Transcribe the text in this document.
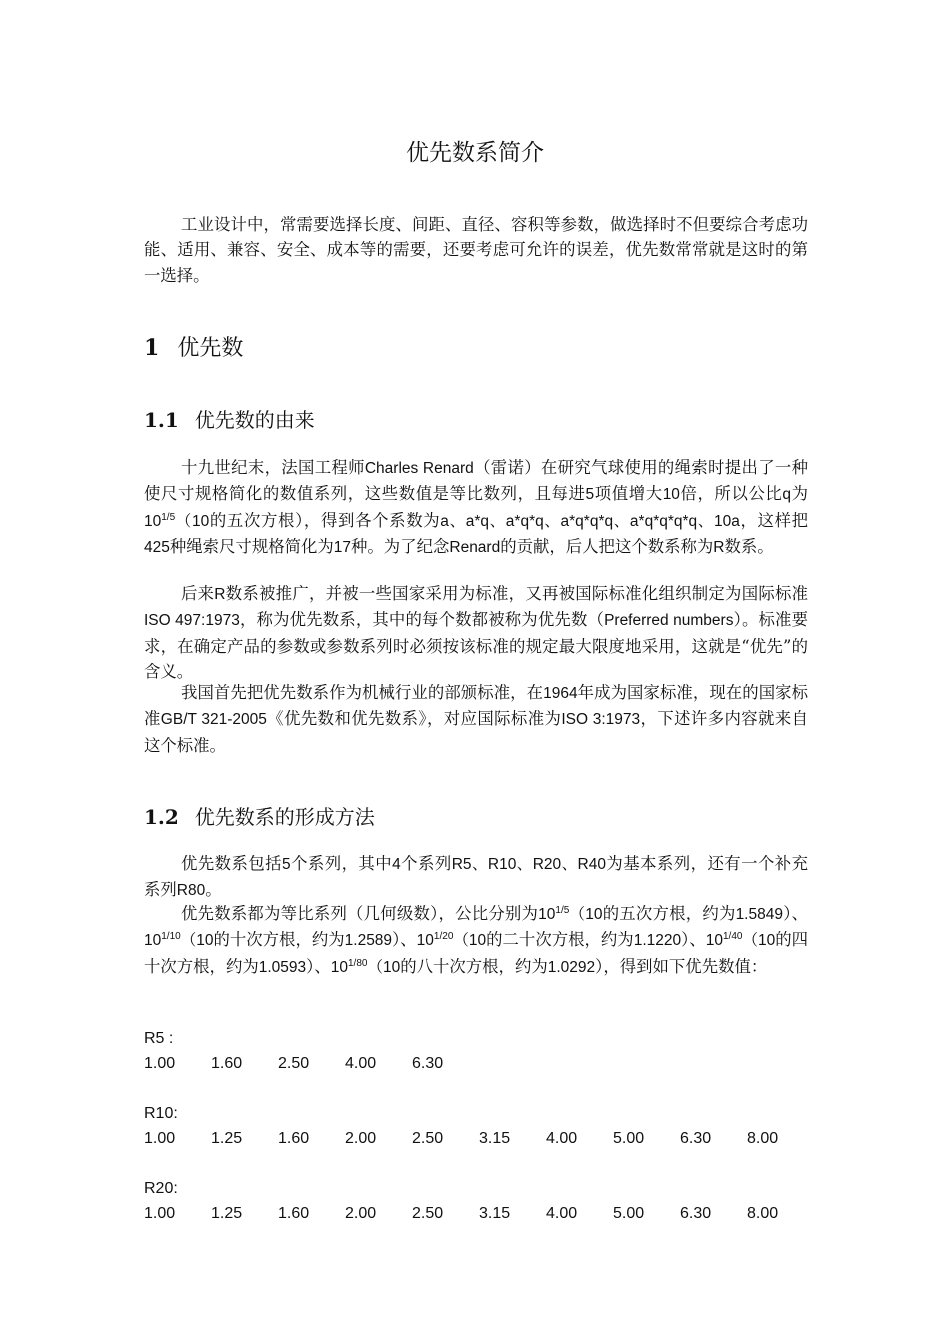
优先数系简介

工业设计中，常需要选择长度、间距、直径、容积等参数，做选择时不但要综合考虑功能、适用、兼容、安全、成本等的需要，还要考虑可允许的误差，优先数常常就是这时的第一选择。

1 优先数
1.1 优先数的由来

十九世纪末，法国工程师Charles Renard（雷诺）在研究气球使用的绳索时提出了一种使尺寸规格简化的数值系列，这些数值是等比数列，且每进5项值增大10倍，所以公比q为$10^{1/5}(10$的五次方根），得到各个系数为a、a*q、a*q*q、a*q*q*q、a*q*q*q*q、10a，这样把425种绳索尺寸规格简化为17种。为了纪念Renard的贡献，后人把这个数系称为R数系。

后来R数系被推广，并被一些国家采用为标准，又再被国际标准化组织制定为国际标准ISO 497:1973，称为优先数系，其中的每个数都被称为优先数（Preferred numbers）。标准要求，在确定产品的参数或参数系列时必须按该标准的规定最大限度地采用，这就是“优先”的含义。

我国首先把优先数系作为机械行业的部颁标准，在1964年成为国家标准，现在的国家标准GB/T 321-2005《优先数和优先数系》，对应国际标准为ISO 3:1973，下述许多内容就来自这个标准。

1.2 优先数系的形成方法

优先数系包括5个系列，其中4个系列R5、R10、R20、R40为基本系列，还有一个补充系列R80。

优先数系都为等比系列（几何级数），公比分别为$10^{1/5}(10$的五次方根，约为1.5849）、$10^{1/10}(10$的十次方根，约为1.2589）、$10^{1/20}(10$的二十次方根，约为1.1220）、$10^{1/40}(10$的四十次方根，约为1.0593）、$10^{1/80}(10$的八十次方根，约为1.0292），得到如下优先数值：

R5 :
1.00 1.60 2.50 4.00 6.30
R10:
1.00 1.25 1.60 2.00 2.50 3.15 4.00 5.00 6.30 8.00
R20:
1.00 1.25 1.60 2.00 2.50 3.15 4.00 5.00 6.30 8.00
